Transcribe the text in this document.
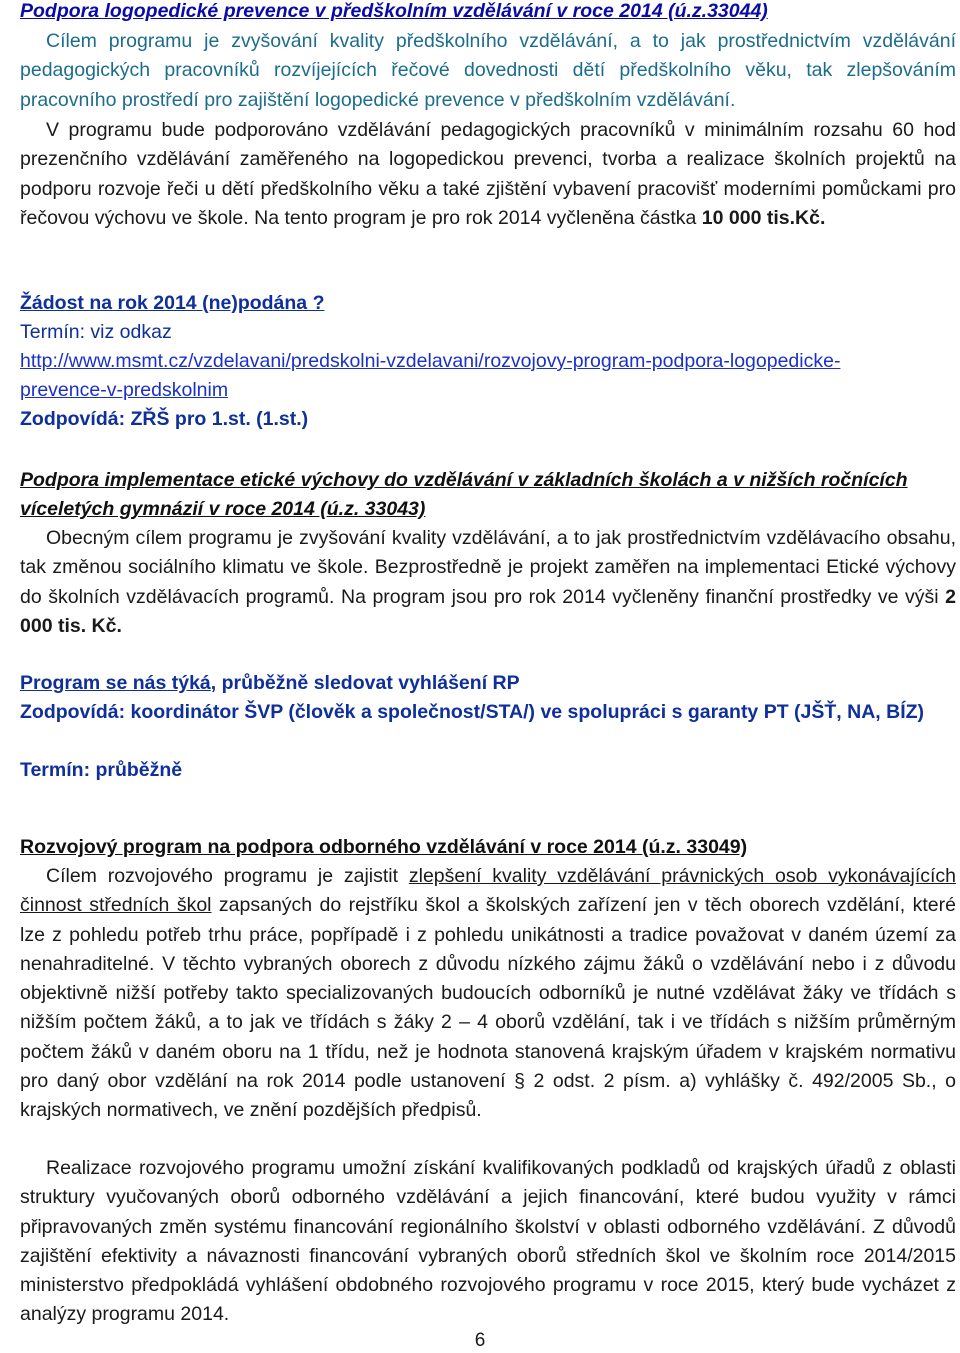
Podpora logopedické prevence v předškolním vzdělávání v roce 2014 (ú.z.33044)

Cílem programu je zvyšování kvality předškolního vzdělávání, a to jak prostřednictvím vzdělávání pedagogických pracovníků rozvíjejících řečové dovednosti dětí předškolního věku, tak zlepšováním pracovního prostředí pro zajištění logopedické prevence v předškolním vzdělávání.

V programu bude podporováno vzdělávání pedagogických pracovníků v minimálním rozsahu 60 hod prezenčního vzdělávání zaměřeného na logopedickou prevenci, tvorba a realizace školních projektů na podporu rozvoje řeči u dětí předškolního věku a také zjištění vybavení pracovišť moderními pomůckami pro řečovou výchovu ve škole. Na tento program je pro rok 2014 vyčleněna částka 10 000 tis.Kč.

Žádost na rok 2014 (ne)podána ?

Termín: viz odkaz

http://www.msmt.cz/vzdelavani/predskolni-vzdelavani/rozvojovy-program-podpora-logopedicke-prevence-v-predskolnim

Zodpovídá: ZŘŠ pro 1.st. (1.st.)

Podpora implementace etické výchovy do vzdělávání v základních školách a v nižších ročnících víceletých gymnázií v roce 2014 (ú.z. 33043)

Obecným cílem programu je zvyšování kvality vzdělávání, a to jak prostřednictvím vzdělávacího obsahu, tak změnou sociálního klimatu ve škole. Bezprostředně je projekt zaměřen na implementaci Etické výchovy do školních vzdělávacích programů. Na program jsou pro rok 2014 vyčleněny finanční prostředky ve výši 2 000 tis. Kč.

Program se nás týká, průběžně sledovat vyhlášení RP

Zodpovídá: koordinátor ŠVP (člověk a společnost/STA/) ve spolupráci s garanty PT (JŠŤ, NA, BÍZ)

Termín: průběžně

Rozvojový program na podpora odborného vzdělávání v roce 2014 (ú.z. 33049)

Cílem rozvojového programu je zajistit zlepšení kvality vzdělávání právnických osob vykonávajících činnost středních škol zapsaných do rejstříku škol a školských zařízení jen v těch oborech vzdělání, které lze z pohledu potřeb trhu práce, popřípadě i z pohledu unikátnosti a tradice považovat v daném území za nenahraditelné. V těchto vybraných oborech z důvodu nízkého zájmu žáků o vzdělávání nebo i z důvodu objektivně nižší potřeby takto specializovaných budoucích odborníků je nutné vzdělávat žáky ve třídách s nižším počtem žáků, a to jak ve třídách s žáky 2 – 4 oborů vzdělání, tak i ve třídách s nižším průměrným počtem žáků v daném oboru na 1 třídu, než je hodnota stanovená krajským úřadem v krajském normativu pro daný obor vzdělání na rok 2014 podle ustanovení § 2 odst. 2 písm. a) vyhlášky č. 492/2005 Sb., o krajských normativech, ve znění pozdějších předpisů.

Realizace rozvojového programu umožní získání kvalifikovaných podkladů od krajských úřadů z oblasti struktury vyučovaných oborů odborného vzdělávání a jejich financování, které budou využity v rámci připravovaných změn systému financování regionálního školství v oblasti odborného vzdělávání. Z důvodů zajištění efektivity a návaznosti financování vybraných oborů středních škol ve školním roce 2014/2015 ministerstvo předpokládá vyhlášení obdobného rozvojového programu v roce 2015, který bude vycházet z analýzy programu 2014.

6
